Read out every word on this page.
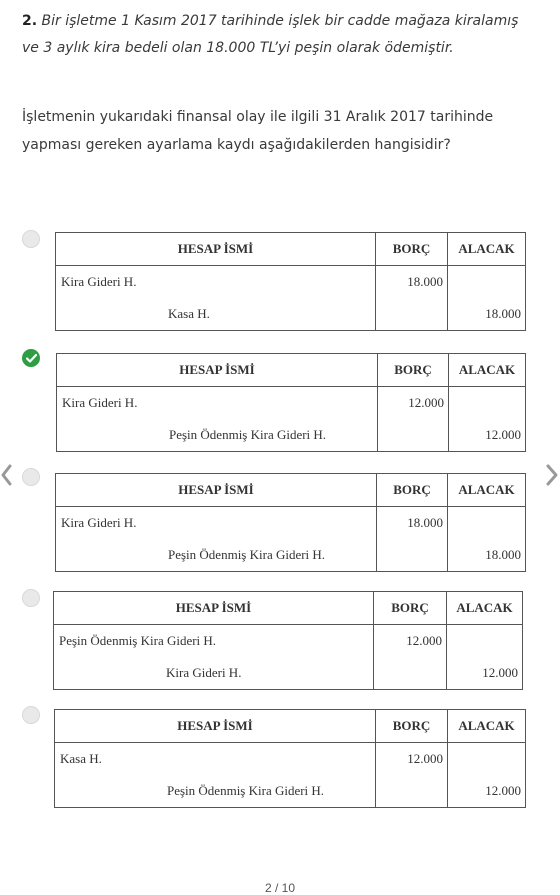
2. Bir işletme 1 Kasım 2017 tarihinde işlek bir cadde mağaza kiralamış ve 3 aylık kira bedeli olan 18.000 TL’yi peşin olarak ödemiştir.
İşletmenin yukarıdaki finansal olay ile ilgili 31 Aralık 2017 tarihinde yapması gereken ayarlama kaydı aşağıdakilerden hangisidir?
HESAP İSMİ	BORÇ	ALACAK
Kira Gideri H.	18.000	
Kasa H.		18.000
HESAP İSMİ	BORÇ	ALACAK
Kira Gideri H.	12.000	
Peşin Ödenmiş Kira Gideri H.		12.000
HESAP İSMİ	BORÇ	ALACAK
Kira Gideri H.	18.000	
Peşin Ödenmiş Kira Gideri H.		18.000
HESAP İSMİ	BORÇ	ALACAK
Peşin Ödenmiş Kira Gideri H.	12.000	
Kira Gideri H.		12.000
HESAP İSMİ	BORÇ	ALACAK
Kasa H.	12.000	
Peşin Ödenmiş Kira Gideri H.		12.000
2 / 10
